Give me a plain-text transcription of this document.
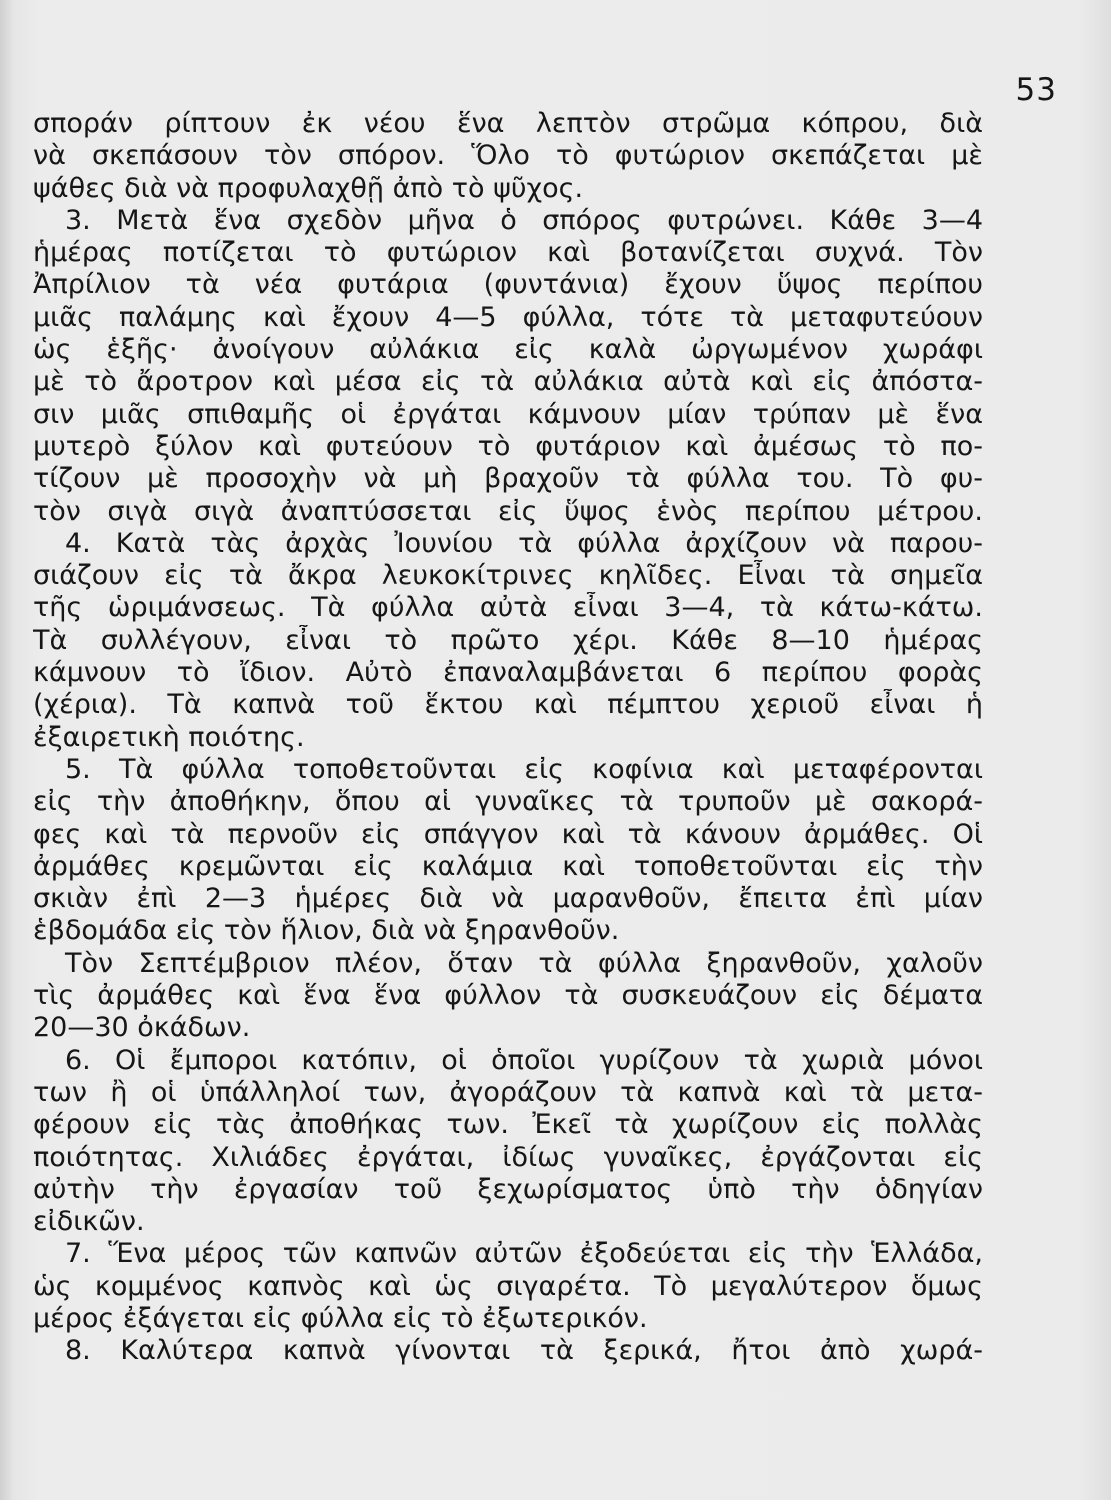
53
σποράν ρίπτουν ἐκ νέου ἕνα λεπτὸν στρῶμα κόπρου, διὰ
νὰ σκεπάσουν τὸν σπόρον. Ὅλο τὸ φυτώριον σκεπάζεται μὲ
ψάθες διὰ νὰ προφυλαχθῇ ἀπὸ τὸ ψῦχος.
3. Μετὰ ἕνα σχεδὸν μῆνα ὁ σπόρος φυτρώνει. Κάθε 3—4
ἡμέρας ποτίζεται τὸ φυτώριον καὶ βοτανίζεται συχνά. Τὸν
Ἀπρίλιον τὰ νέα φυτάρια (φυντάνια) ἔχουν ὕψος περίπου
μιᾶς παλάμης καὶ ἔχουν 4—5 φύλλα, τότε τὰ μεταφυτεύουν
ὡς ἑξῆς· ἀνοίγουν αὐλάκια εἰς καλὰ ὠργωμένον χωράφι
μὲ τὸ ἄροτρον καὶ μέσα εἰς τὰ αὐλάκια αὐτὰ καὶ εἰς ἀπόστα-
σιν μιᾶς σπιθαμῆς οἱ ἐργάται κάμνουν μίαν τρύπαν μὲ ἕνα
μυτερὸ ξύλον καὶ φυτεύουν τὸ φυτάριον καὶ ἀμέσως τὸ πο-
τίζουν μὲ προσοχὴν νὰ μὴ βραχοῦν τὰ φύλλα του. Τὸ φυ-
τὸν σιγὰ σιγὰ ἀναπτύσσεται εἰς ὕψος ἑνὸς περίπου μέτρου.
4. Κατὰ τὰς ἀρχὰς Ἰουνίου τὰ φύλλα ἀρχίζουν νὰ παρου-
σιάζουν εἰς τὰ ἄκρα λευκοκίτρινες κηλῖδες. Εἶναι τὰ σημεῖα
τῆς ὡριμάνσεως. Τὰ φύλλα αὐτὰ εἶναι 3—4, τὰ κάτω-κάτω.
Τὰ συλλέγουν, εἶναι τὸ πρῶτο χέρι. Κάθε 8—10 ἡμέρας
κάμνουν τὸ ἴδιον. Αὐτὸ ἐπαναλαμβάνεται 6 περίπου φορὰς
(χέρια). Τὰ καπνὰ τοῦ ἕκτου καὶ πέμπτου χεριοῦ εἶναι ἡ
ἐξαιρετικὴ ποιότης.
5. Τὰ φύλλα τοποθετοῦνται εἰς κοφίνια καὶ μεταφέρονται
εἰς τὴν ἀποθήκην, ὅπου αἱ γυναῖκες τὰ τρυποῦν μὲ σακορά-
φες καὶ τὰ περνοῦν εἰς σπάγγον καὶ τὰ κάνουν ἀρμάθες. Οἱ
ἀρμάθες κρεμῶνται εἰς καλάμια καὶ τοποθετοῦνται εἰς τὴν
σκιὰν ἐπὶ 2—3 ἡμέρες διὰ νὰ μαρανθοῦν, ἔπειτα ἐπὶ μίαν
ἑβδομάδα εἰς τὸν ἥλιον, διὰ νὰ ξηρανθοῦν.
Τὸν Σεπτέμβριον πλέον, ὅταν τὰ φύλλα ξηρανθοῦν, χαλοῦν
τὶς ἀρμάθες καὶ ἕνα ἕνα φύλλον τὰ συσκευάζουν εἰς δέματα
20—30 ὀκάδων.
6. Οἱ ἔμποροι κατόπιν, οἱ ὁποῖοι γυρίζουν τὰ χωριὰ μόνοι
των ἢ οἱ ὑπάλληλοί των, ἀγοράζουν τὰ καπνὰ καὶ τὰ μετα-
φέρουν εἰς τὰς ἀποθήκας των. Ἐκεῖ τὰ χωρίζουν εἰς πολλὰς
ποιότητας. Χιλιάδες ἐργάται, ἰδίως γυναῖκες, ἐργάζονται εἰς
αὐτὴν τὴν ἐργασίαν τοῦ ξεχωρίσματος ὑπὸ τὴν ὁδηγίαν
εἰδικῶν.
7. Ἕνα μέρος τῶν καπνῶν αὐτῶν ἐξοδεύεται εἰς τὴν Ἑλλάδα,
ὡς κομμένος καπνὸς καὶ ὡς σιγαρέτα. Τὸ μεγαλύτερον ὅμως
μέρος ἐξάγεται εἰς φύλλα εἰς τὸ ἐξωτερικόν.
8. Καλύτερα καπνὰ γίνονται τὰ ξερικά, ἤτοι ἀπὸ χωρά-
